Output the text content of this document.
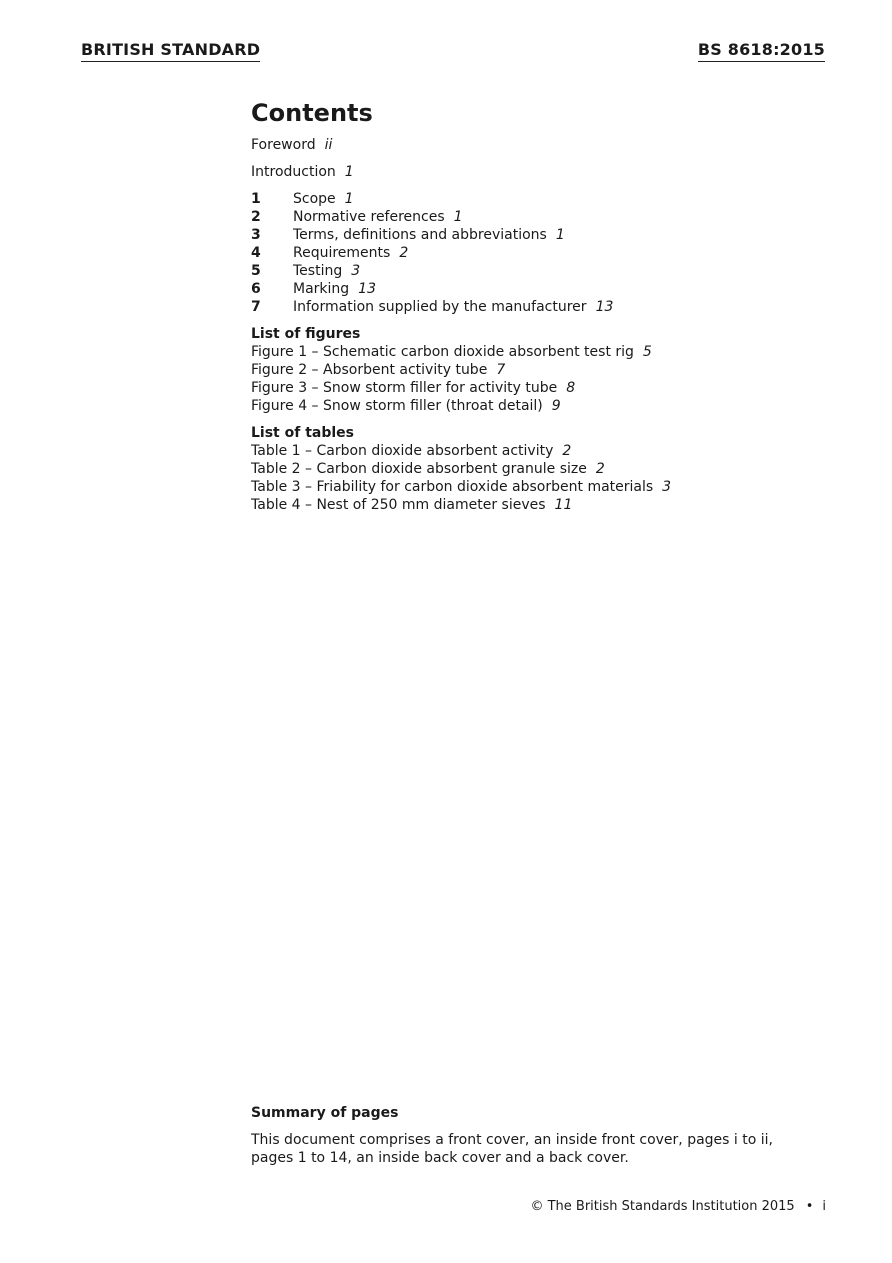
BRITISH STANDARD	BS 8618:2015
Contents
Foreword ii
Introduction 1
1	Scope 1
2	Normative references 1
3	Terms, definitions and abbreviations 1
4	Requirements 2
5	Testing 3
6	Marking 13
7	Information supplied by the manufacturer 13
List of figures
Figure 1 – Schematic carbon dioxide absorbent test rig 5
Figure 2 – Absorbent activity tube 7
Figure 3 – Snow storm filler for activity tube 8
Figure 4 – Snow storm filler (throat detail) 9
List of tables
Table 1 – Carbon dioxide absorbent activity 2
Table 2 – Carbon dioxide absorbent granule size 2
Table 3 – Friability for carbon dioxide absorbent materials 3
Table 4 – Nest of 250 mm diameter sieves 11
Summary of pages
This document comprises a front cover, an inside front cover, pages i to ii,
pages 1 to 14, an inside back cover and a back cover.
© The British Standards Institution 2015 • i
